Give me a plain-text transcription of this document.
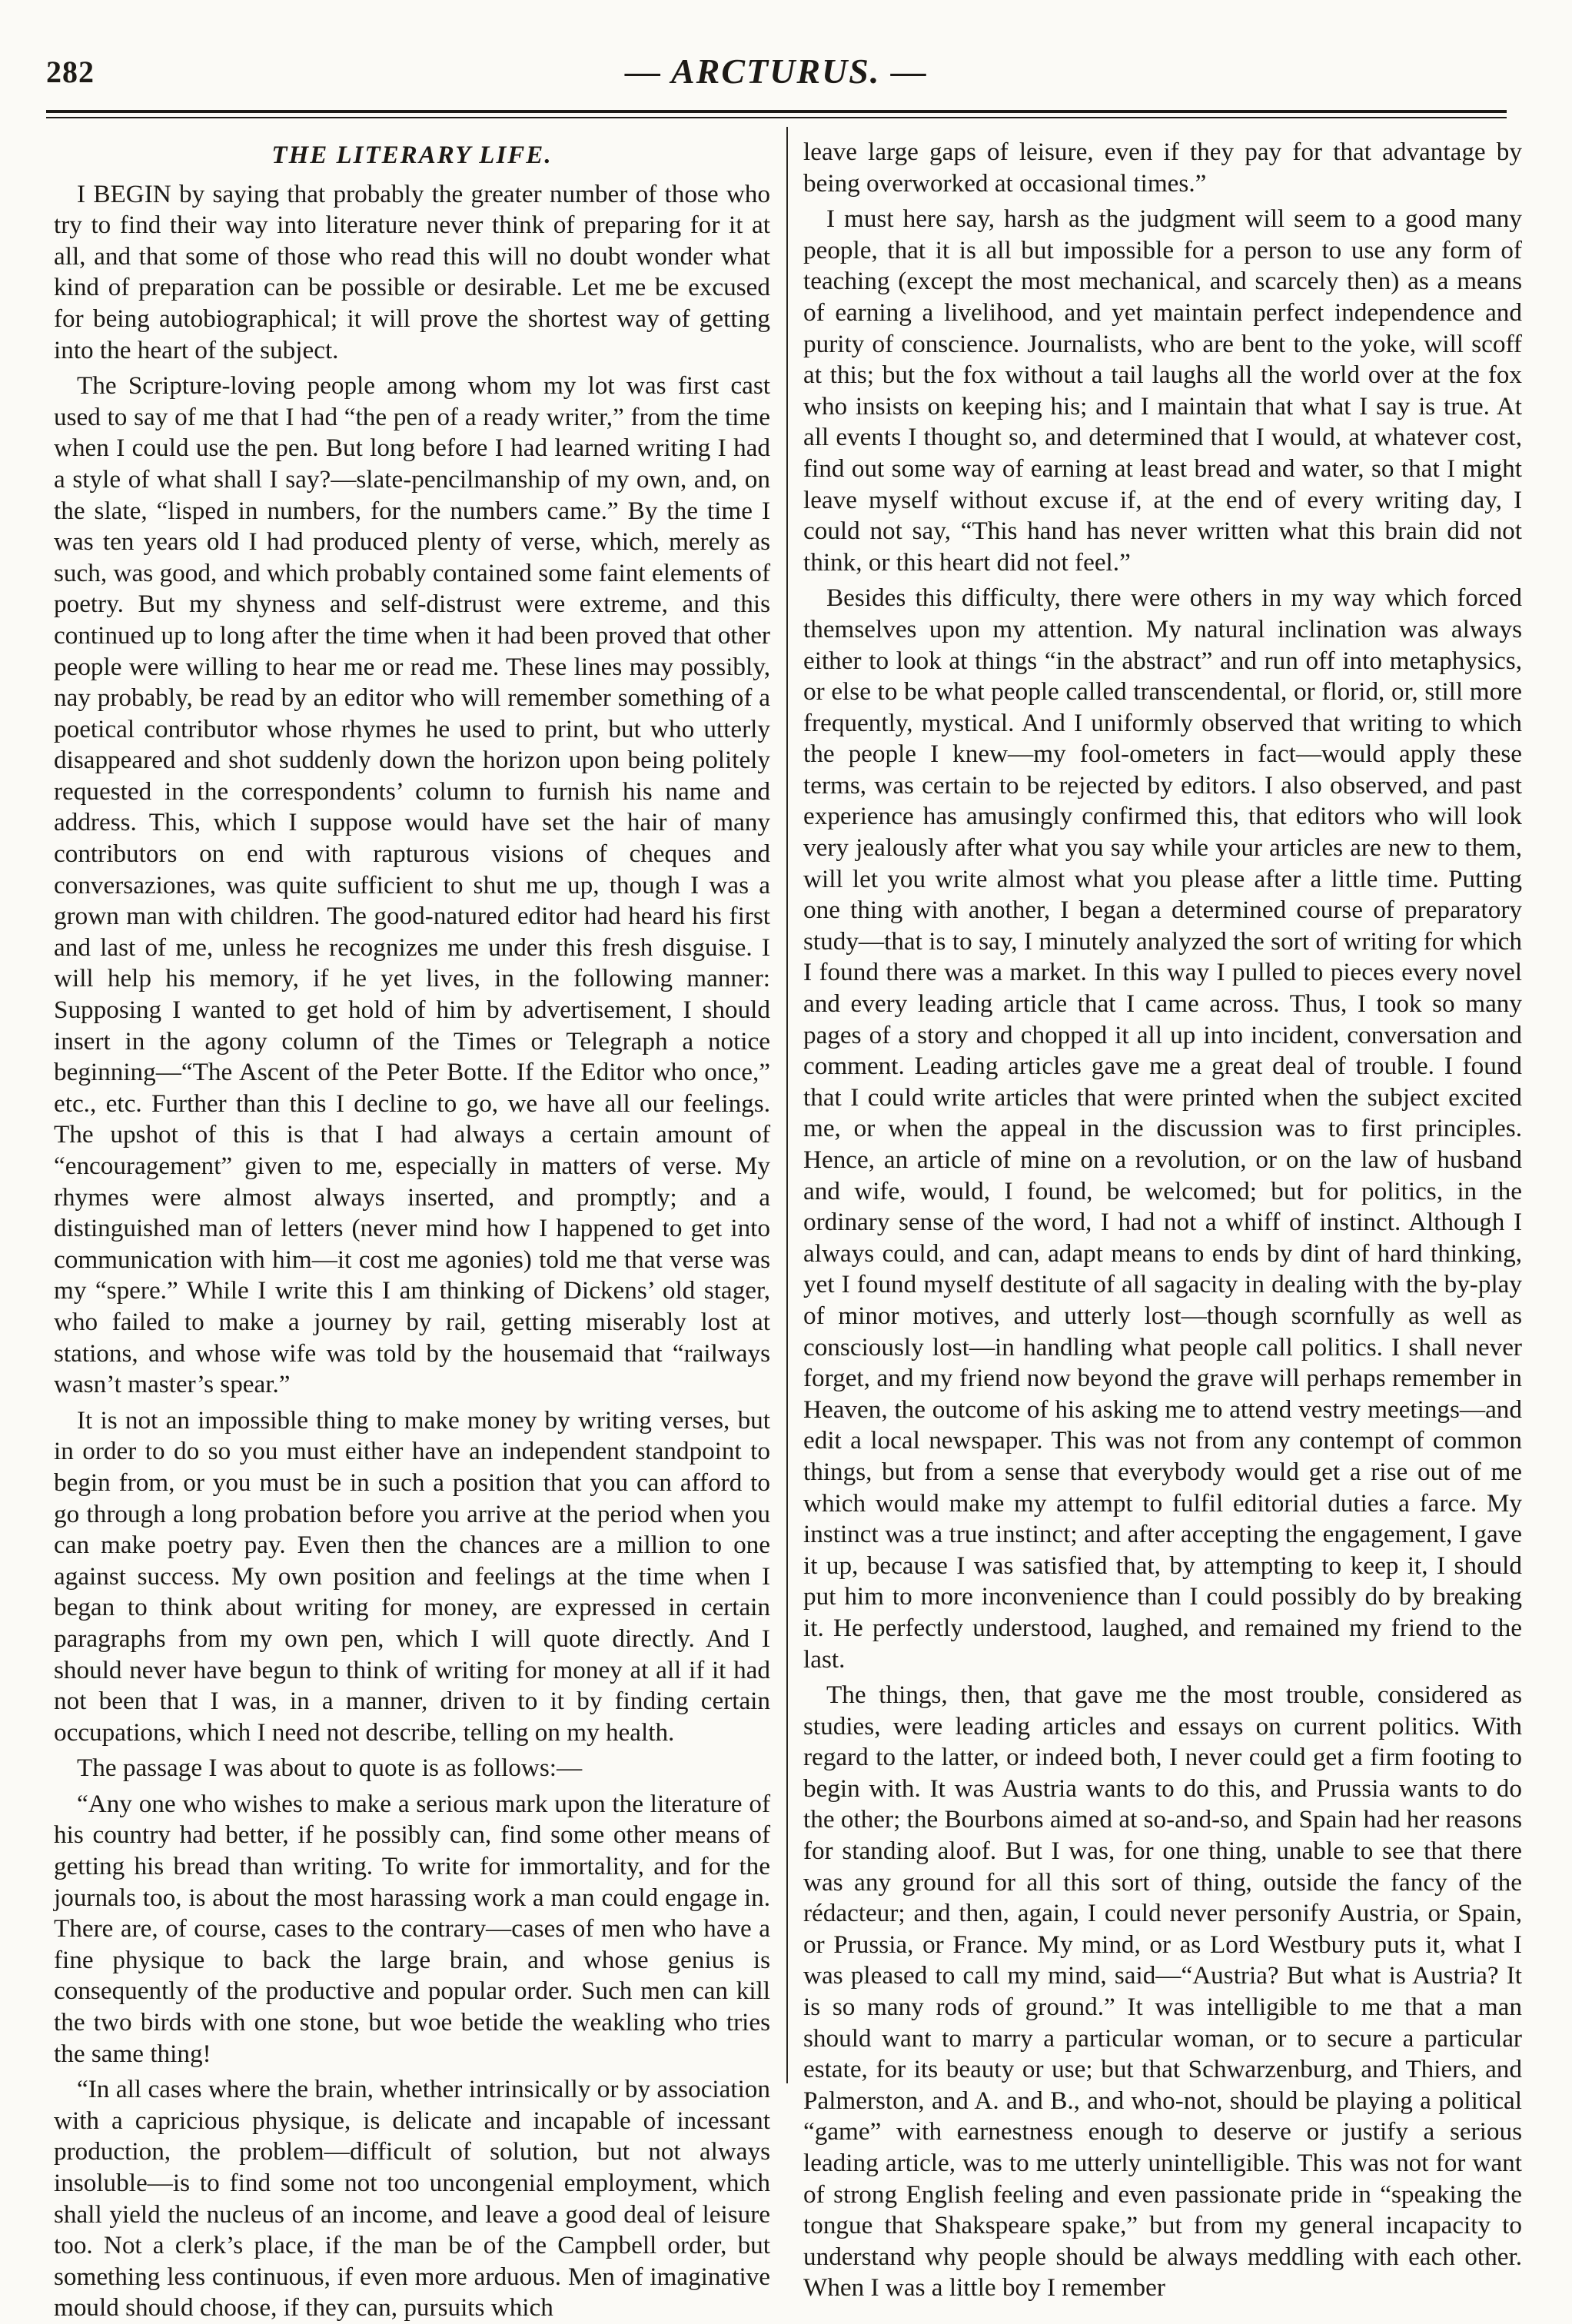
282	— ARCTURUS. —
THE LITERARY LIFE.

I BEGIN by saying that probably the greater number of those who try to find their way into literature never think of preparing for it at all, and that some of those who read this will no doubt wonder what kind of preparation can be possible or desirable. Let me be excused for being autobiographical; it will prove the shortest way of getting into the heart of the subject.

The Scripture-loving people among whom my lot was first cast used to say of me that I had “the pen of a ready writer,” from the time when I could use the pen. But long before I had learned writing I had a style of what shall I say?—slate-pencilmanship of my own, and, on the slate, “lisped in numbers, for the numbers came.” By the time I was ten years old I had produced plenty of verse, which, merely as such, was good, and which probably contained some faint elements of poetry. But my shyness and self-distrust were extreme, and this continued up to long after the time when it had been proved that other people were willing to hear me or read me. These lines may possibly, nay probably, be read by an editor who will remember something of a poetical contributor whose rhymes he used to print, but who utterly disappeared and shot suddenly down the horizon upon being politely requested in the correspondents’ column to furnish his name and address. This, which I suppose would have set the hair of many contributors on end with rapturous visions of cheques and conversaziones, was quite sufficient to shut me up, though I was a grown man with children. The good-natured editor had heard his first and last of me, unless he recognizes me under this fresh disguise. I will help his memory, if he yet lives, in the following manner: Supposing I wanted to get hold of him by advertisement, I should insert in the agony column of the Times or Telegraph a notice beginning—“The Ascent of the Peter Botte. If the Editor who once,” etc., etc. Further than this I decline to go, we have all our feelings. The upshot of this is that I had always a certain amount of “encouragement” given to me, especially in matters of verse. My rhymes were almost always inserted, and promptly; and a distinguished man of letters (never mind how I happened to get into communication with him—it cost me agonies) told me that verse was my “spere.” While I write this I am thinking of Dickens’ old stager, who failed to make a journey by rail, getting miserably lost at stations, and whose wife was told by the housemaid that “railways wasn’t master’s spear.”

It is not an impossible thing to make money by writing verses, but in order to do so you must either have an independent standpoint to begin from, or you must be in such a position that you can afford to go through a long probation before you arrive at the period when you can make poetry pay. Even then the chances are a million to one against success. My own position and feelings at the time when I began to think about writing for money, are expressed in certain paragraphs from my own pen, which I will quote directly. And I should never have begun to think of writing for money at all if it had not been that I was, in a manner, driven to it by finding certain occupations, which I need not describe, telling on my health.

The passage I was about to quote is as follows:—

“Any one who wishes to make a serious mark upon the literature of his country had better, if he possibly can, find some other means of getting his bread than writing. To write for immortality, and for the journals too, is about the most harassing work a man could engage in. There are, of course, cases to the contrary—cases of men who have a fine physique to back the large brain, and whose genius is consequently of the productive and popular order. Such men can kill the two birds with one stone, but woe betide the weakling who tries the same thing!

“In all cases where the brain, whether intrinsically or by association with a capricious physique, is delicate and incapable of incessant production, the problem—difficult of solution, but not always insoluble—is to find some not too uncongenial employment, which shall yield the nucleus of an income, and leave a good deal of leisure too. Not a clerk’s place, if the man be of the Campbell order, but something less continuous, if even more arduous. Men of imaginative mould should choose, if they can, pursuits which

leave large gaps of leisure, even if they pay for that advantage by being overworked at occasional times.”

I must here say, harsh as the judgment will seem to a good many people, that it is all but impossible for a person to use any form of teaching (except the most mechanical, and scarcely then) as a means of earning a livelihood, and yet maintain perfect independence and purity of conscience. Journalists, who are bent to the yoke, will scoff at this; but the fox without a tail laughs all the world over at the fox who insists on keeping his; and I maintain that what I say is true. At all events I thought so, and determined that I would, at whatever cost, find out some way of earning at least bread and water, so that I might leave myself without excuse if, at the end of every writing day, I could not say, “This hand has never written what this brain did not think, or this heart did not feel.”

Besides this difficulty, there were others in my way which forced themselves upon my attention. My natural inclination was always either to look at things “in the abstract” and run off into metaphysics, or else to be what people called transcendental, or florid, or, still more frequently, mystical. And I uniformly observed that writing to which the people I knew—my fool-ometers in fact—would apply these terms, was certain to be rejected by editors. I also observed, and past experience has amusingly confirmed this, that editors who will look very jealously after what you say while your articles are new to them, will let you write almost what you please after a little time. Putting one thing with another, I began a determined course of preparatory study—that is to say, I minutely analyzed the sort of writing for which I found there was a market. In this way I pulled to pieces every novel and every leading article that I came across. Thus, I took so many pages of a story and chopped it all up into incident, conversation and comment. Leading articles gave me a great deal of trouble. I found that I could write articles that were printed when the subject excited me, or when the appeal in the discussion was to first principles. Hence, an article of mine on a revolution, or on the law of husband and wife, would, I found, be welcomed; but for politics, in the ordinary sense of the word, I had not a whiff of instinct. Although I always could, and can, adapt means to ends by dint of hard thinking, yet I found myself destitute of all sagacity in dealing with the by-play of minor motives, and utterly lost—though scornfully as well as consciously lost—in handling what people call politics. I shall never forget, and my friend now beyond the grave will perhaps remember in Heaven, the outcome of his asking me to attend vestry meetings—and edit a local newspaper. This was not from any contempt of common things, but from a sense that everybody would get a rise out of me which would make my attempt to fulfil editorial duties a farce. My instinct was a true instinct; and after accepting the engagement, I gave it up, because I was satisfied that, by attempting to keep it, I should put him to more inconvenience than I could possibly do by breaking it. He perfectly understood, laughed, and remained my friend to the last.

The things, then, that gave me the most trouble, considered as studies, were leading articles and essays on current politics. With regard to the latter, or indeed both, I never could get a firm footing to begin with. It was Austria wants to do this, and Prussia wants to do the other; the Bourbons aimed at so-and-so, and Spain had her reasons for standing aloof. But I was, for one thing, unable to see that there was any ground for all this sort of thing, outside the fancy of the rédacteur; and then, again, I could never personify Austria, or Spain, or Prussia, or France. My mind, or as Lord Westbury puts it, what I was pleased to call my mind, said—“Austria? But what is Austria? It is so many rods of ground.” It was intelligible to me that a man should want to marry a particular woman, or to secure a particular estate, for its beauty or use; but that Schwarzenburg, and Thiers, and Palmerston, and A. and B., and who-not, should be playing a political “game” with earnestness enough to deserve or justify a serious leading article, was to me utterly unintelligible. This was not for want of strong English feeling and even passionate pride in “speaking the tongue that Shakspeare spake,” but from my general incapacity to understand why people should be always meddling with each other. When I was a little boy I remember
